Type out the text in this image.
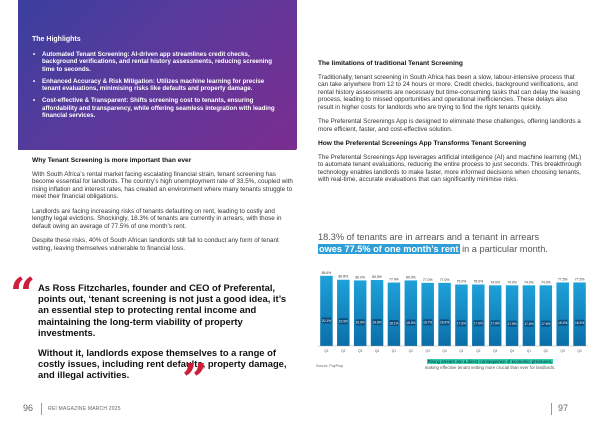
The Highlights
• Automated Tenant Screening: AI-driven app streamlines credit checks, background verifications, and rental history assessments, reducing screening time to seconds.
• Enhanced Accuracy & Risk Mitigation: Utilizes machine learning for precise tenant evaluations, minimising risks like defaults and property damage.
• Cost-effective & Transparent: Shifts screening cost to tenants, ensuring affordability and transparency, while offering seamless integration with leading financial services.
Why Tenant Screening is more important than ever

With South Africa’s rental market facing escalating financial strain, tenant screening has become essential for landlords. The country’s high unemployment rate of 33.5%, coupled with rising inflation and interest rates, has created an environment where many tenants struggle to meet their financial obligations.

Landlords are facing increasing risks of tenants defaulting on rent, leading to costly and lengthy legal evictions. Shockingly, 18.3% of tenants are currently in arrears, with those in default owing an average of 77.5% of one month’s rent.

Despite these risks, 40% of South African landlords still fail to conduct any form of tenant vetting, leaving themselves vulnerable to financial loss.

“ As Ross Fitzcharles, founder and CEO of Preferental, points out, ‘tenant screening is not just a good idea, it’s an essential step to protecting rental income and maintaining the long-term viability of property investments.

Without it, landlords expose themselves to a range of costly issues, including rent defaults, property damage, and illegal activities.	”
The limitations of traditional Tenant Screening

Traditionally, tenant screening in South Africa has been a slow, labour-intensive process that can take anywhere from 12 to 24 hours or more. Credit checks, background verifications, and rental history assessments are necessary but time-consuming tasks that can delay the leasing process, leading to missed opportunities and operational inefficiencies. These delays also result in higher costs for landlords who are trying to find the right tenants quickly.

The Preferental Screenings App is designed to eliminate these challenges, offering landlords a more efficient, faster, and cost-effective solution.

How the Preferental Screenings App Transforms Tenant Screening

The Preferental Screenings App leverages artificial intelligence (AI) and machine learning (ML) to automate tenant evaluations, reducing the entire process to just seconds. This breakthrough technology enables landlords to make faster, more informed decisions when choosing tenants, with real-time, accurate evaluations that can significantly minimise risks.

18.3% of tenants are in arrears and a tenant in arrears
owes 77.5% of one month’s rent in a particular month.
85.6%
20.1%
Q1
80.8%
19.5%
Q2
80.0%
18.6%
Q3
80.5%
18.8%
Q4
77.4%
18.1%
Q1
80.0%
18.5%
Q2
77.0%
18.7%
Q3
77.0%
18.6%
Q4
75.0%
17.8%
Q1
75.0%
17.9%
Q2
74.0%
17.8%
Q3
74.0%
17.5%
Q4
74.0%
17.6%
Q1
74.0%
17.6%
Q2
77.5%
18.3%
Q3
77.5%
18.3%
Q4
Source: PayProp
Rising arrears are a direct consequence of economic pressures,
making effective tenant vetting more crucial than ever for landlords.
96	REI MAGAZINE MARCH 2025	97
